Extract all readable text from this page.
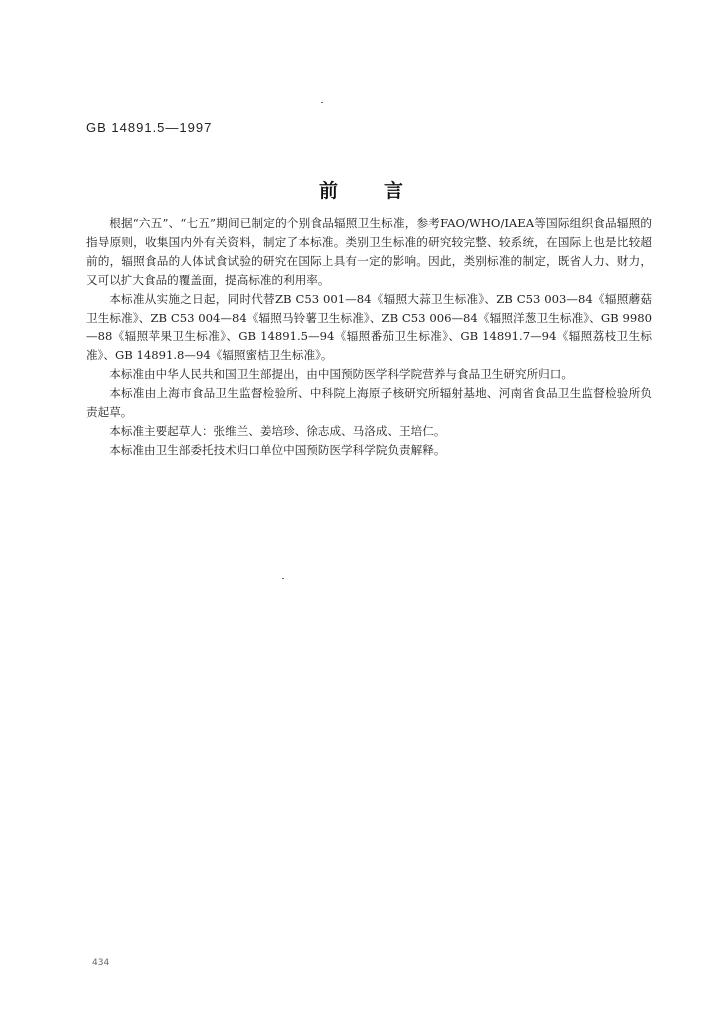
GB 14891.5—1997
前言

根据“六五”、“七五”期间已制定的个别食品辐照卫生标准，参考FAO/WHO/IAEA等国际组织食品辐照的指导原则，收集国内外有关资料，制定了本标准。类别卫生标准的研究较完整、较系统，在国际上也是比较超前的，辐照食品的人体试食试验的研究在国际上具有一定的影响。因此，类别标准的制定，既省人力、财力，又可以扩大食品的覆盖面，提高标准的利用率。

本标准从实施之日起，同时代替ZB C53 001—84《辐照大蒜卫生标准》、ZB C53 003—84《辐照蘑菇卫生标准》、ZB C53 004—84《辐照马铃薯卫生标准》、ZB C53 006—84《辐照洋葱卫生标准》、GB 9980—88《辐照苹果卫生标准》、GB 14891.5—94《辐照番茄卫生标准》、GB 14891.7—94《辐照荔枝卫生标准》、GB 14891.8—94《辐照蜜桔卫生标准》。

本标准由中华人民共和国卫生部提出，由中国预防医学科学院营养与食品卫生研究所归口。

本标准由上海市食品卫生监督检验所、中科院上海原子核研究所辐射基地、河南省食品卫生监督检验所负责起草。

本标准主要起草人：张维兰、姜培珍、徐志成、马洛成、王培仁。

本标准由卫生部委托技术归口单位中国预防医学科学院负责解释。

434
